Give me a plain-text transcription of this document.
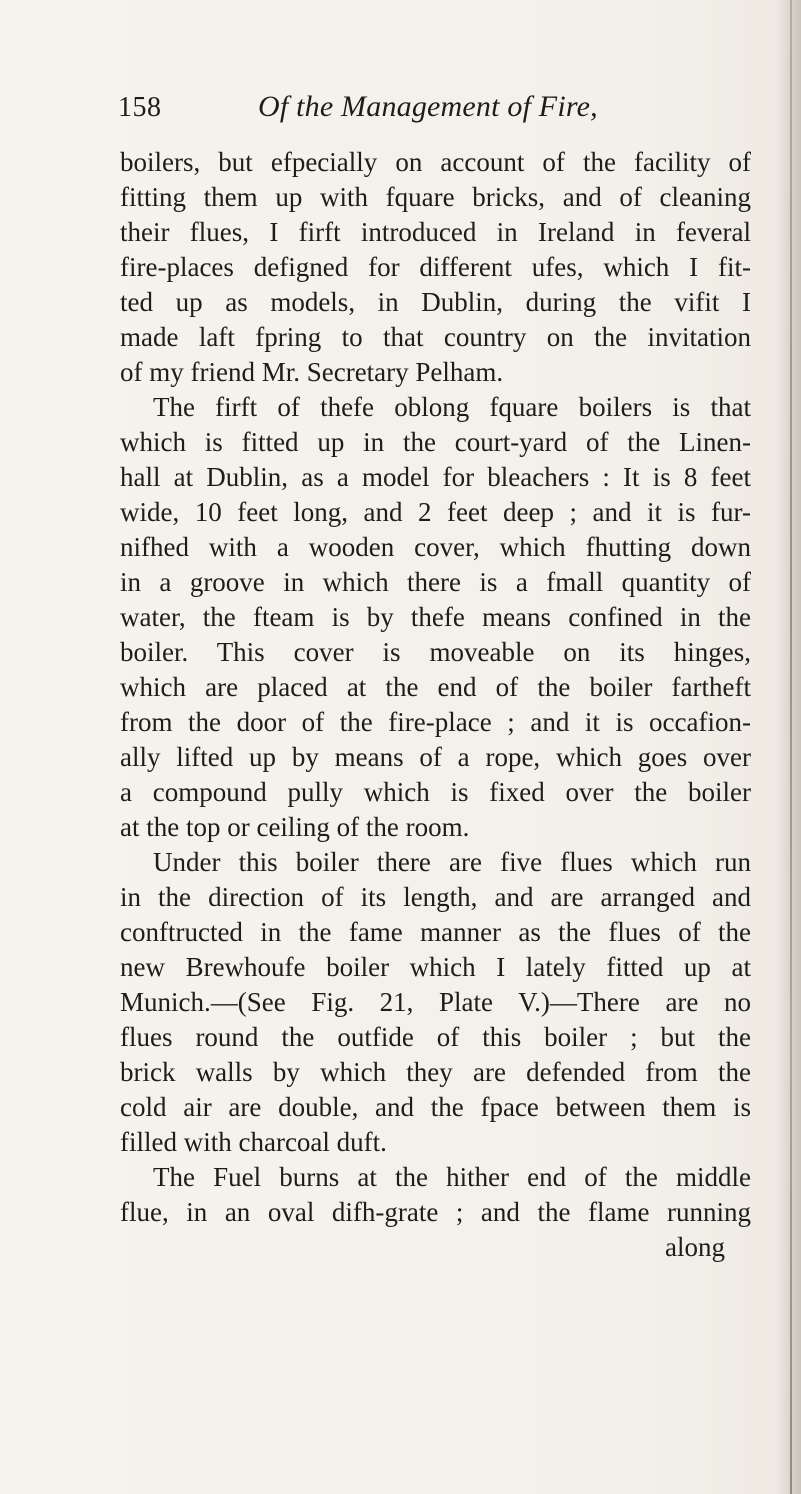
158	Of the Management of Fire,
boilers, but efpecially on account of the facility of
fitting them up with fquare bricks, and of cleaning
their flues, I firft introduced in Ireland in feveral
fire-places defigned for different ufes, which I fit-
ted up as models, in Dublin, during the vifit I
made laft fpring to that country on the invitation
of my friend Mr. Secretary Pelham.
The firft of thefe oblong fquare boilers is that
which is fitted up in the court-yard of the Linen-
hall at Dublin, as a model for bleachers : It is 8 feet
wide, 10 feet long, and 2 feet deep ; and it is fur-
nifhed with a wooden cover, which fhutting down
in a groove in which there is a fmall quantity of
water, the fteam is by thefe means confined in the
boiler. This cover is moveable on its hinges,
which are placed at the end of the boiler fartheft
from the door of the fire-place ; and it is occafion-
ally lifted up by means of a rope, which goes over
a compound pully which is fixed over the boiler
at the top or ceiling of the room.
Under this boiler there are five flues which run
in the direction of its length, and are arranged and
conftructed in the fame manner as the flues of the
new Brewhoufe boiler which I lately fitted up at
Munich.—(See Fig. 21, Plate V.)—There are no
flues round the outfide of this boiler ; but the
brick walls by which they are defended from the
cold air are double, and the fpace between them is
filled with charcoal duft.
The Fuel burns at the hither end of the middle
flue, in an oval difh-grate ; and the flame running
along
